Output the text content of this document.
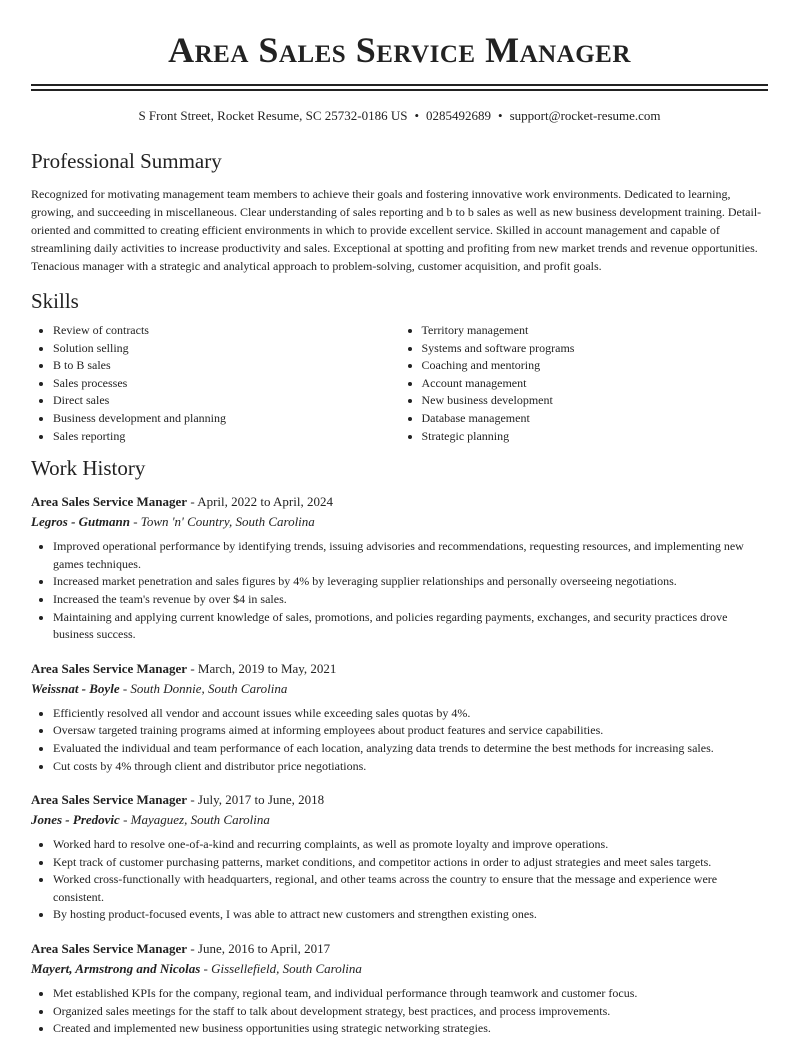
Area Sales Service Manager
S Front Street, Rocket Resume, SC 25732-0186 US • 0285492689 • support@rocket-resume.com
Professional Summary
Recognized for motivating management team members to achieve their goals and fostering innovative work environments. Dedicated to learning, growing, and succeeding in miscellaneous. Clear understanding of sales reporting and b to b sales as well as new business development training. Detail-oriented and committed to creating efficient environments in which to provide excellent service. Skilled in account management and capable of streamlining daily activities to increase productivity and sales. Exceptional at spotting and profiting from new market trends and revenue opportunities. Tenacious manager with a strategic and analytical approach to problem-solving, customer acquisition, and profit goals.
Skills
• Review of contracts
• Solution selling
• B to B sales
• Sales processes
• Direct sales
• Business development and planning
• Sales reporting
• Territory management
• Systems and software programs
• Coaching and mentoring
• Account management
• New business development
• Database management
• Strategic planning
Work History
Area Sales Service Manager - April, 2022 to April, 2024
Legros - Gutmann - Town 'n' Country, South Carolina
• Improved operational performance by identifying trends, issuing advisories and recommendations, requesting resources, and implementing new games techniques.
• Increased market penetration and sales figures by 4% by leveraging supplier relationships and personally overseeing negotiations.
• Increased the team's revenue by over $4 in sales.
• Maintaining and applying current knowledge of sales, promotions, and policies regarding payments, exchanges, and security practices drove business success.
Area Sales Service Manager - March, 2019 to May, 2021
Weissnat - Boyle - South Donnie, South Carolina
• Efficiently resolved all vendor and account issues while exceeding sales quotas by 4%.
• Oversaw targeted training programs aimed at informing employees about product features and service capabilities.
• Evaluated the individual and team performance of each location, analyzing data trends to determine the best methods for increasing sales.
• Cut costs by 4% through client and distributor price negotiations.
Area Sales Service Manager - July, 2017 to June, 2018
Jones - Predovic - Mayaguez, South Carolina
• Worked hard to resolve one-of-a-kind and recurring complaints, as well as promote loyalty and improve operations.
• Kept track of customer purchasing patterns, market conditions, and competitor actions in order to adjust strategies and meet sales targets.
• Worked cross-functionally with headquarters, regional, and other teams across the country to ensure that the message and experience were consistent.
• By hosting product-focused events, I was able to attract new customers and strengthen existing ones.
Area Sales Service Manager - June, 2016 to April, 2017
Mayert, Armstrong and Nicolas - Gissellefield, South Carolina
• Met established KPIs for the company, regional team, and individual performance through teamwork and customer focus.
• Organized sales meetings for the staff to talk about development strategy, best practices, and process improvements.
• Created and implemented new business opportunities using strategic networking strategies.
